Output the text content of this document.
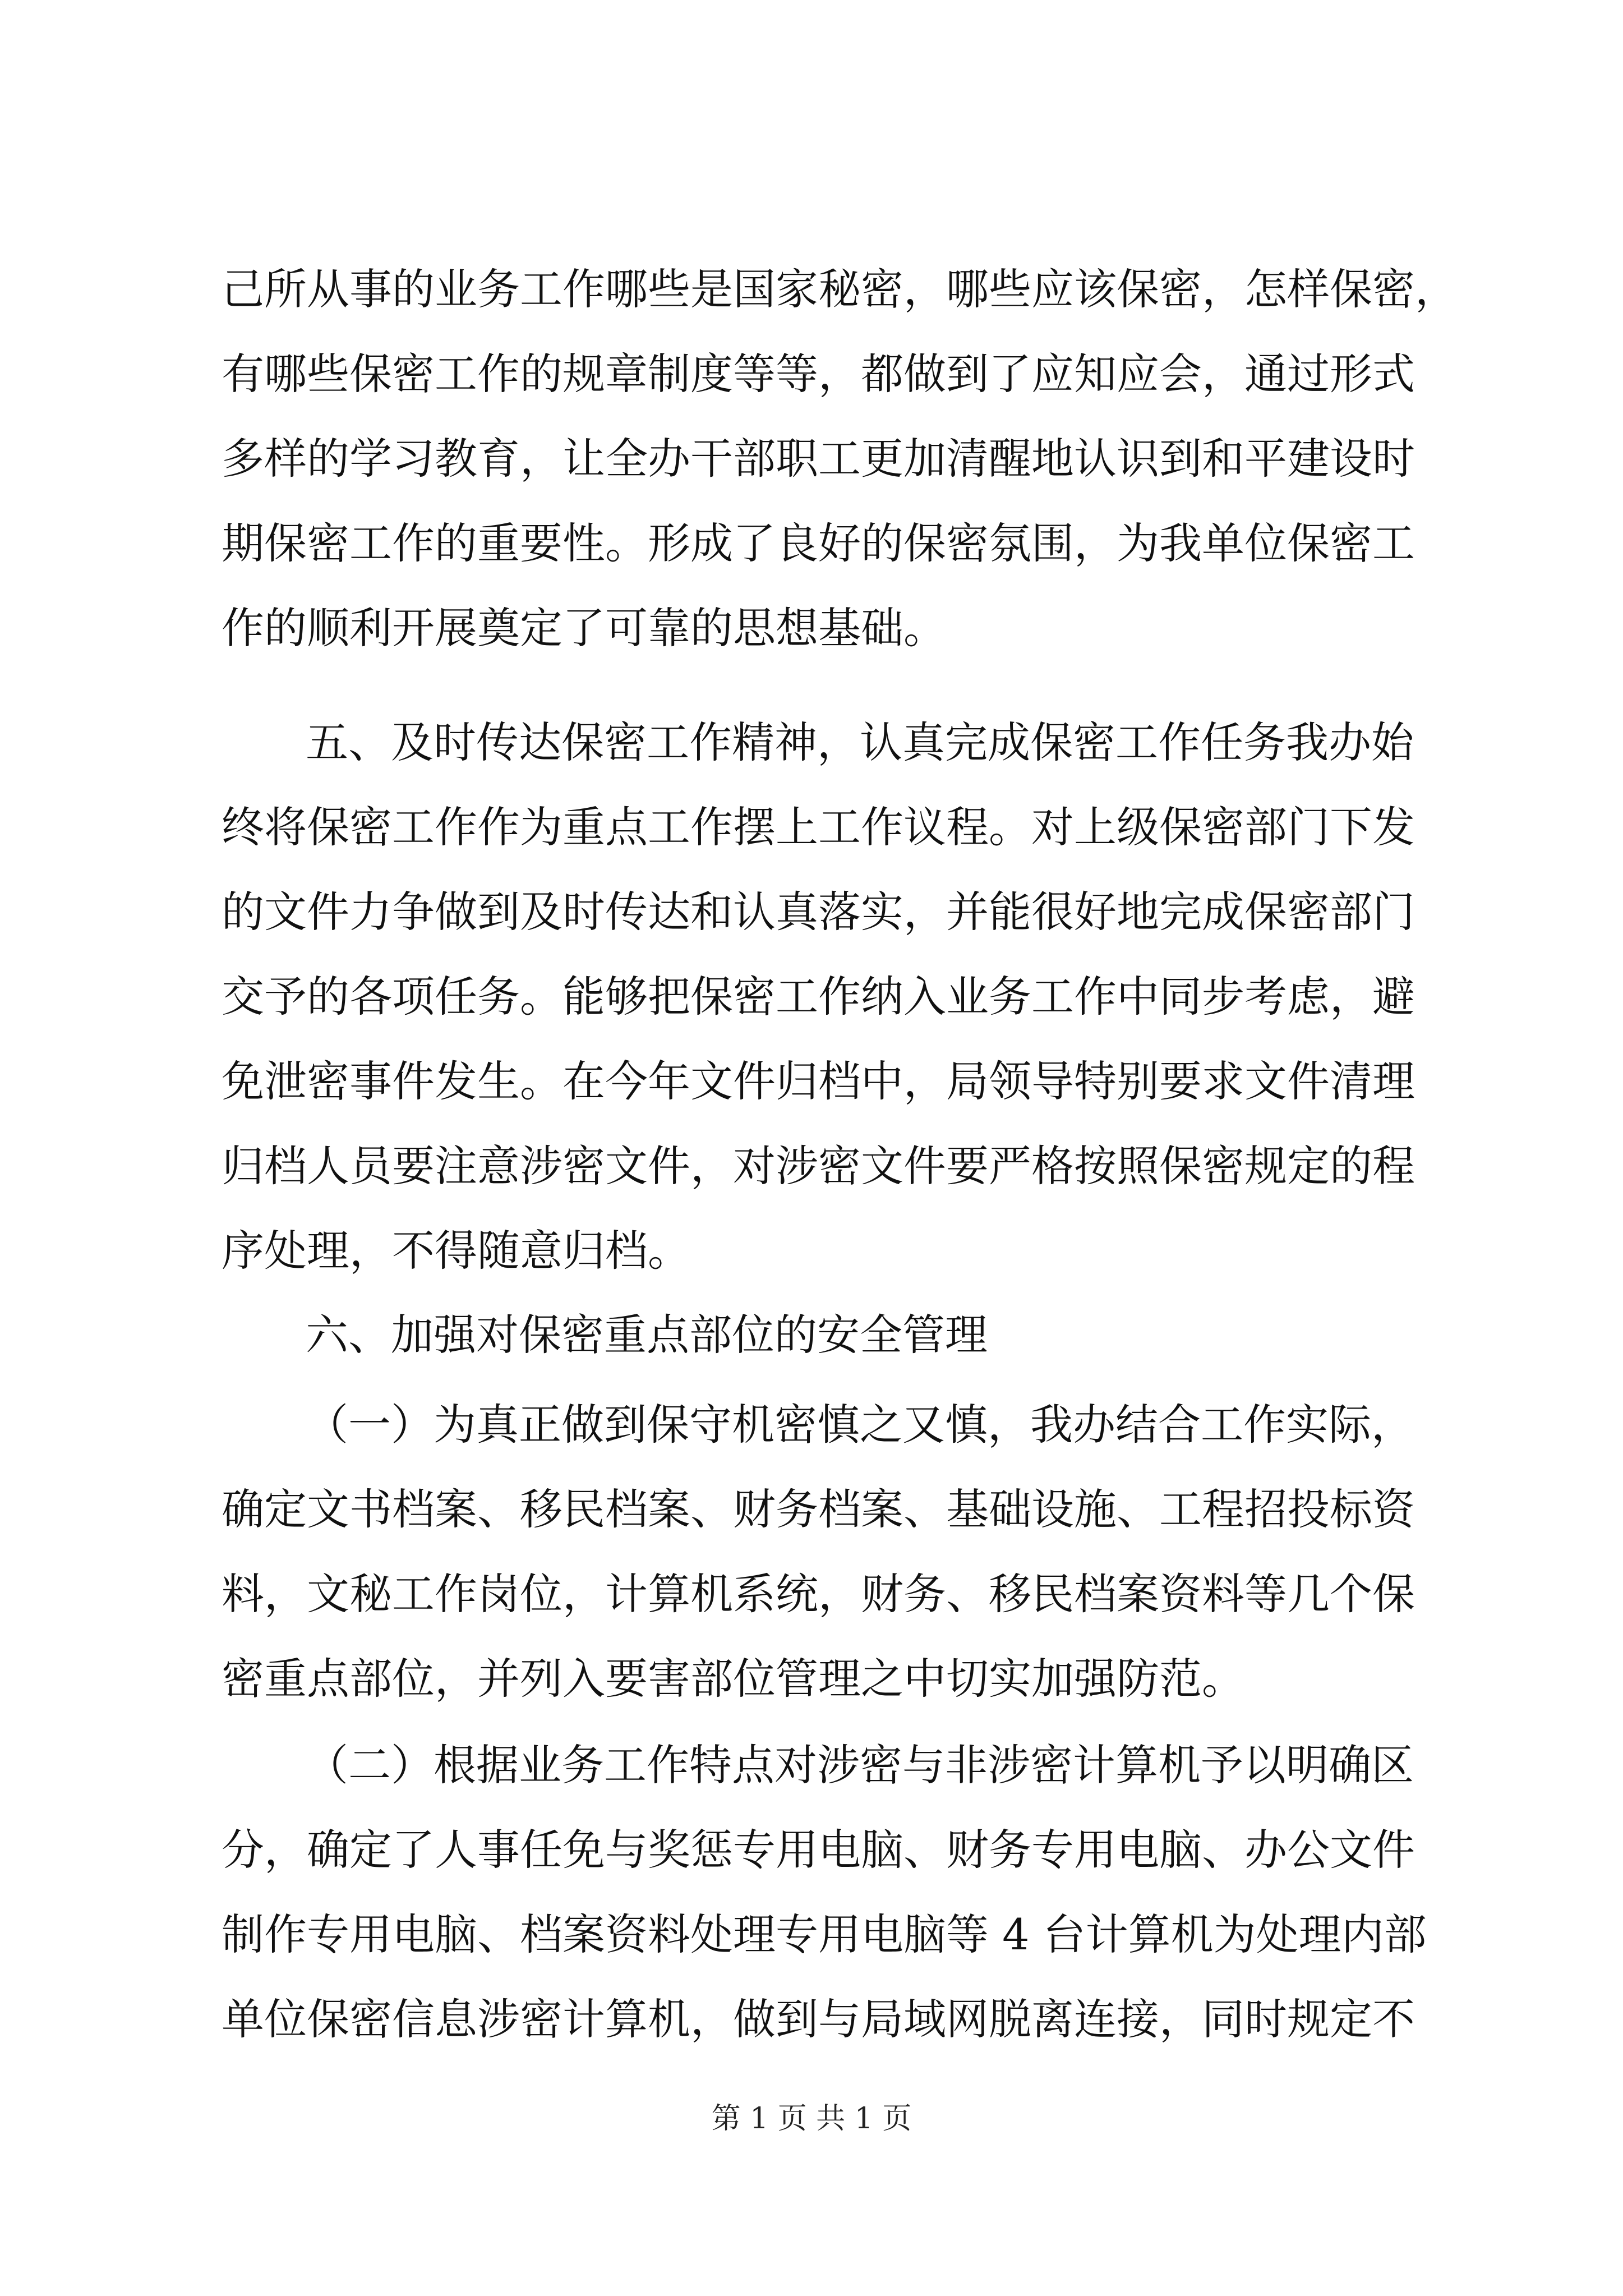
己所从事的业务工作哪些是国家秘密，哪些应该保密，怎样保密，
有哪些保密工作的规章制度等等，都做到了应知应会，通过形式
多样的学习教育，让全办干部职工更加清醒地认识到和平建设时
期保密工作的重要性。形成了良好的保密氛围，为我单位保密工
作的顺利开展奠定了可靠的思想基础。
五、及时传达保密工作精神，认真完成保密工作任务我办始
终将保密工作作为重点工作摆上工作议程。对上级保密部门下发
的文件力争做到及时传达和认真落实，并能很好地完成保密部门
交予的各项任务。能够把保密工作纳入业务工作中同步考虑，避
免泄密事件发生。在今年文件归档中，局领导特别要求文件清理
归档人员要注意涉密文件，对涉密文件要严格按照保密规定的程
序处理，不得随意归档。
六、加强对保密重点部位的安全管理
（一）为真正做到保守机密慎之又慎，我办结合工作实际，
确定文书档案、移民档案、财务档案、基础设施、工程招投标资
料，文秘工作岗位，计算机系统，财务、移民档案资料等几个保
密重点部位，并列入要害部位管理之中切实加强防范。
（二）根据业务工作特点对涉密与非涉密计算机予以明确区
分，确定了人事任免与奖惩专用电脑、财务专用电脑、办公文件
制作专用电脑、档案资料处理专用电脑等 4 台计算机为处理内部
单位保密信息涉密计算机，做到与局域网脱离连接，同时规定不
第 1 页 共 1 页
